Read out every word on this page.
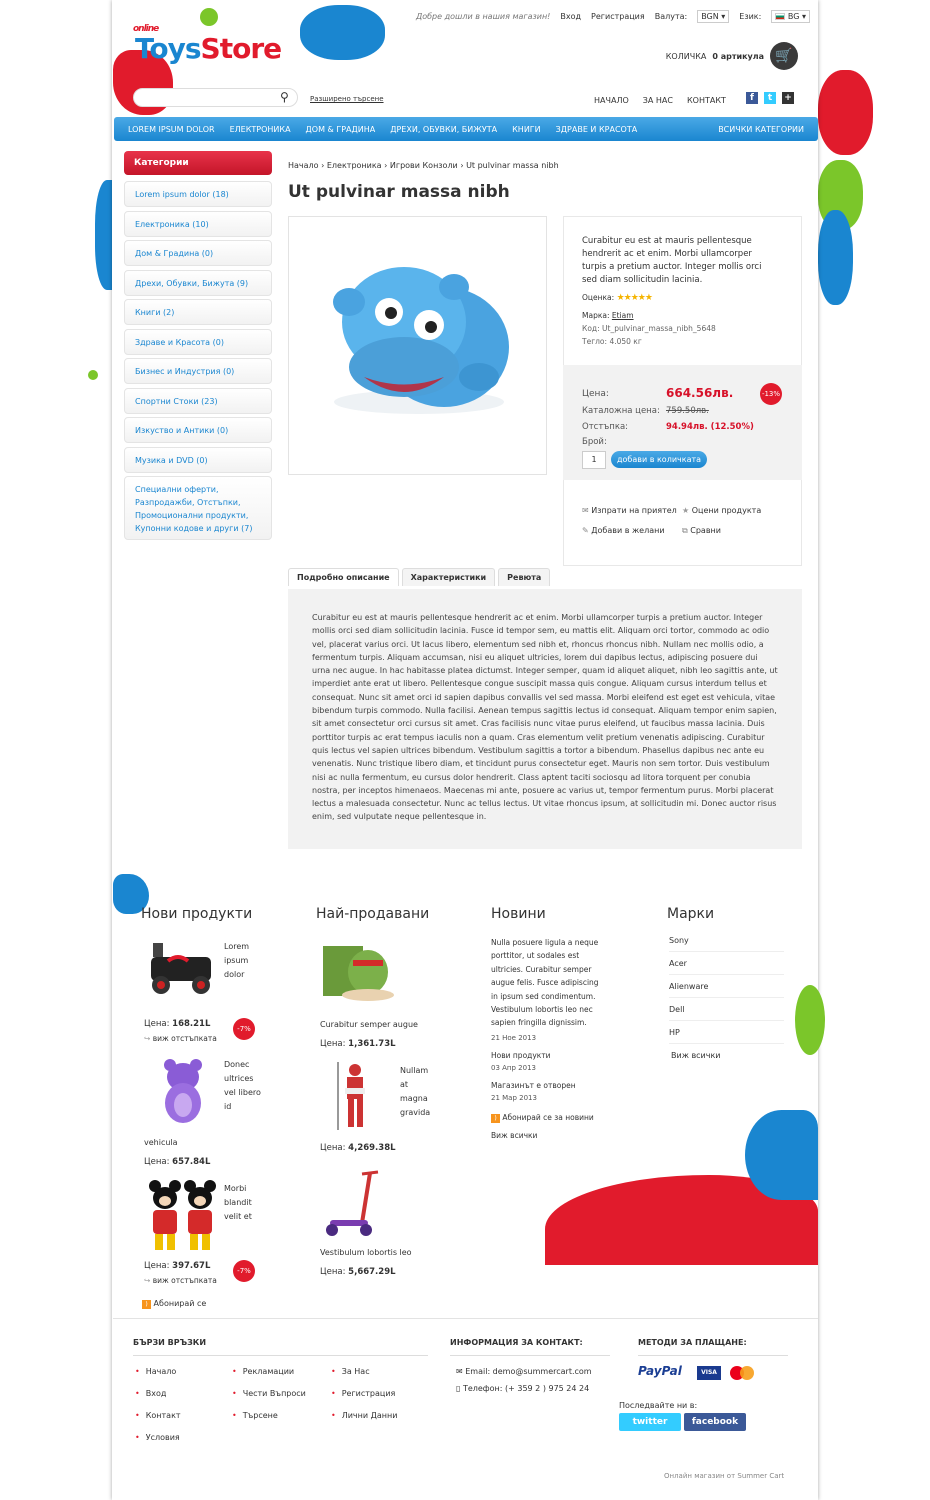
Добре дошли в нашия магазин! Вход Регистрация Валута:	BGN ▾	Език:	BG ▾
online
ToysStore
⚲	Разширено търсене
КОЛИЧКА 0 артикула 🛒
НАЧАЛО ЗА НАС КОНТАКТ	f	t	+
LOREM IPSUM DOLOR ЕЛЕКТРОНИКА ДОМ & ГРАДИНА ДРЕХИ, ОБУВКИ, БИЖУТА КНИГИ ЗДРАВЕ И КРАСОТА	ВСИЧКИ КАТЕГОРИИ
Категории
Lorem ipsum dolor (18)
Електроника (10)
Дом & Градина (0)
Дрехи, Обувки, Бижута (9)
Книги (2)
Здраве и Красота (0)
Бизнес и Индустрия (0)
Спортни Стоки (23)
Изкуство и Антики (0)
Музика и DVD (0)
Специални оферти,
Разпродажби, Отстъпки,
Промоционални продукти,
Купонни кодове и други (7)
Начало › Електроника › Игрови Конзоли › Ut pulvinar massa nibh
Ut pulvinar massa nibh
Curabitur eu est at mauris pellentesque
hendrerit ac et enim. Morbi ullamcorper
turpis a pretium auctor. Integer mollis orci
sed diam sollicitudin lacinia.
Оценка: ★★★★★
Марка: Etiam
Код: Ut_pulvinar_massa_nibh_5648
Тегло: 4.050 кг
Цена:	664.56лв.	-13%
Каталожна цена: 759.50лв.
Отстъпка:	94.94лв. (12.50%)
Брой:
1	добави в количката
✉ Изпрати на приятел ★ Оцени продукта
✎ Добави в желани ⧉ Сравни
Подробно описание	Характеристики	Ревюта
Curabitur eu est at mauris pellentesque hendrerit ac et enim. Morbi ullamcorper turpis a pretium auctor. Integer mollis orci sed diam sollicitudin lacinia. Fusce id tempor sem, eu mattis elit. Aliquam orci tortor, commodo ac odio vel, placerat varius orci. Ut lacus libero, elementum sed nibh et, rhoncus rhoncus nibh. Nullam nec mollis odio, a fermentum turpis. Aliquam accumsan, nisi eu aliquet ultricies, lorem dui dapibus lectus, adipiscing posuere dui urna nec augue. In hac habitasse platea dictumst. Integer semper, quam id aliquet aliquet, nibh leo sagittis ante, ut imperdiet ante erat ut libero. Pellentesque congue suscipit massa quis congue. Aliquam cursus interdum tellus et consequat. Nunc sit amet orci id sapien dapibus convallis vel sed massa. Morbi eleifend est eget est vehicula, vitae bibendum turpis commodo. Nulla facilisi. Aenean tempus sagittis lectus id consequat. Aliquam tempor enim sapien, sit amet consectetur orci cursus sit amet. Cras facilisis nunc vitae purus eleifend, ut faucibus massa lacinia. Duis porttitor turpis ac erat tempus iaculis non a quam. Cras elementum velit pretium venenatis adipiscing. Curabitur quis lectus vel sapien ultrices bibendum. Vestibulum sagittis a tortor a bibendum. Phasellus dapibus nec ante eu venenatis. Nunc tristique libero diam, et tincidunt purus consectetur eget. Mauris non sem tortor. Duis vestibulum nisi ac nulla fermentum, eu cursus dolor hendrerit. Class aptent taciti sociosqu ad litora torquent per conubia nostra, per inceptos himenaeos. Maecenas mi ante, posuere ac varius ut, tempor fermentum purus. Morbi placerat lectus a malesuada consectetur. Nunc ac tellus lectus. Ut vitae rhoncus ipsum, at sollicitudin mi. Donec auctor risus enim, sed vulputate neque pellentesque in.
Нови продукти
Lorem ipsum dolor
Цена: 168.21L	-7%
↪ виж отстъпката
Donec ultrices vel libero id
vehicula
Цена: 657.84L
Morbi blandit velit et
Цена: 397.67L	-7%
↪ виж отстъпката
) Абонирай се
Най-продавани
Curabitur semper augue
Цена: 1,361.73L
Nullam at magna gravida
Цена: 4,269.38L
Vestibulum lobortis leo
Цена: 5,667.29L
Новини
Nulla posuere ligula a neque
porttitor, ut sodales est
ultricies. Curabitur semper
augue felis. Fusce adipiscing
in ipsum sed condimentum.
Vestibulum lobortis leo nec
sapien fringilla dignissim.
21 Ное 2013
Нови продукти
03 Апр 2013
Магазинът е отворен
21 Мар 2013
) Абонирай се за новини
Виж всички
Марки
Sony
Acer
Alienware
Dell
HP
Виж всички
БЪРЗИ ВРЪЗКИ
• Начало
• Вход
• Контакт
• Условия
• Рекламации
• Чести Въпроси
• Търсене
• За Нас
• Регистрация
• Лични Данни
ИНФОРМАЦИЯ ЗА КОНТАКТ:
✉ Email: demo@summercart.com
▯ Телефон: (+ 359 2 ) 975 24 24
МЕТОДИ ЗА ПЛАЩАНЕ:
PayPal	VISA
Последвайте ни в:
twitter	facebook
Онлайн магазин от Summer Cart
